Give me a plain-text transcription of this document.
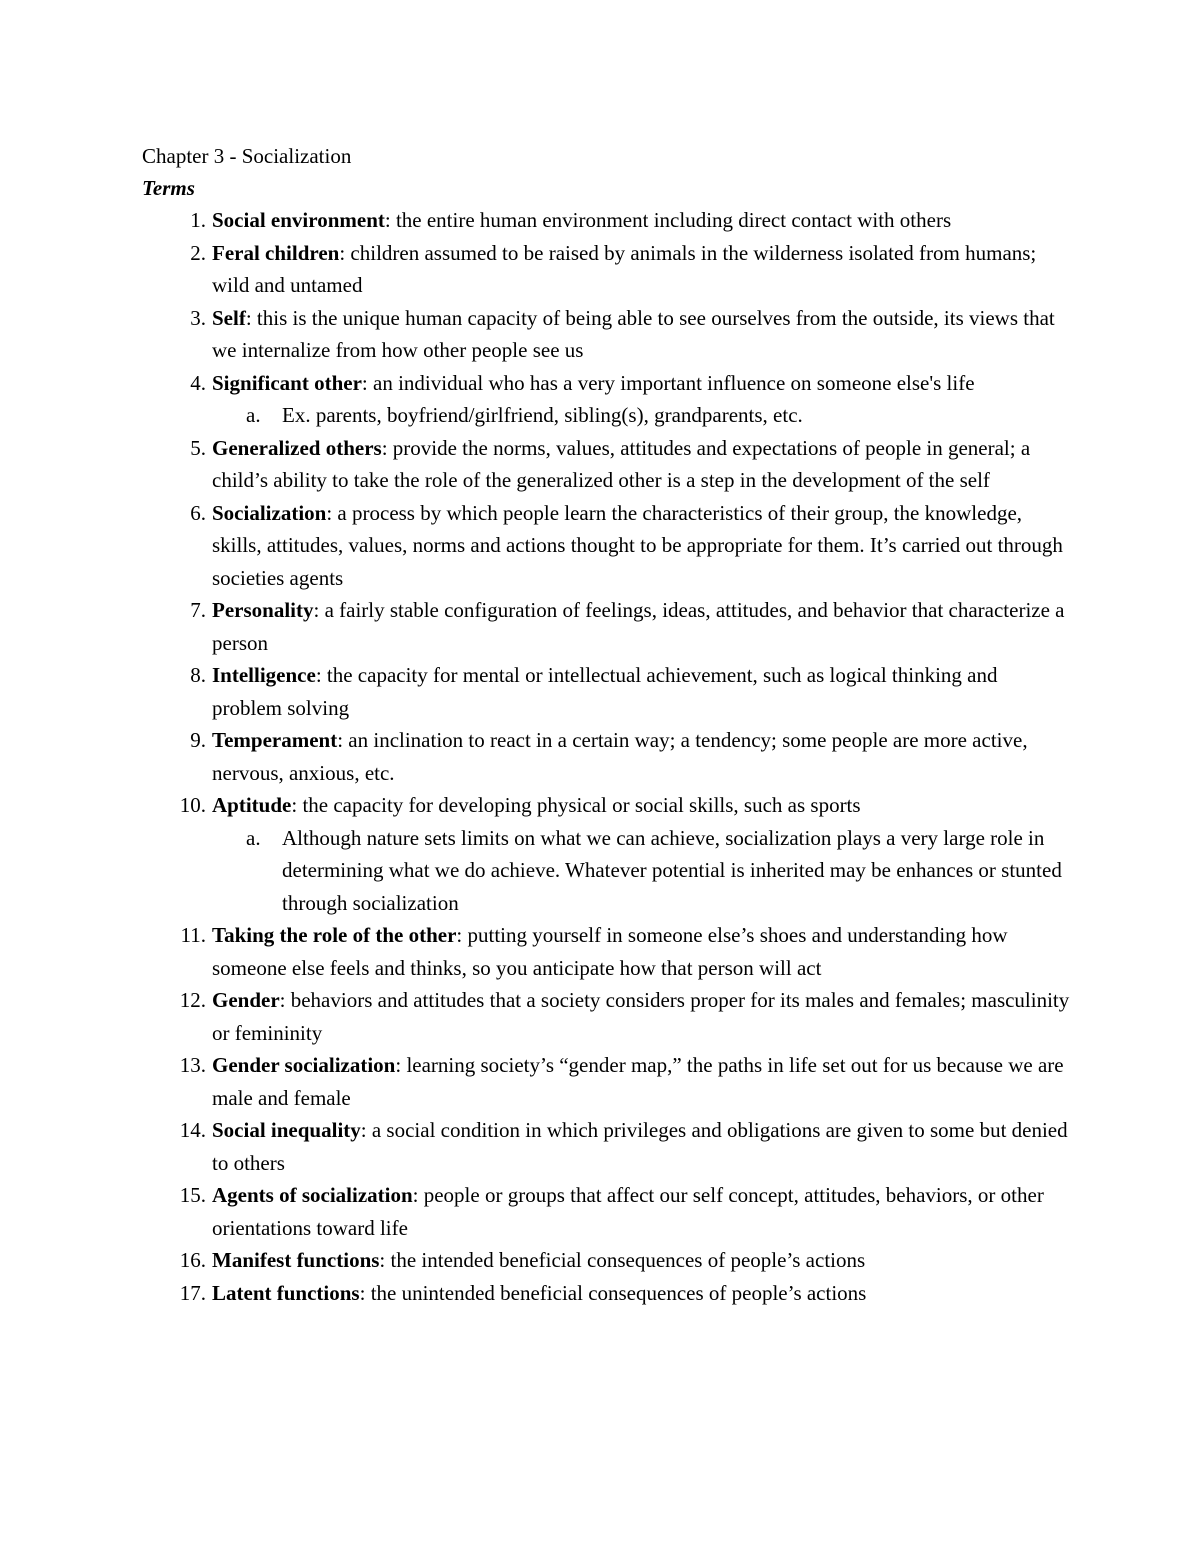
Chapter 3 - Socialization
Terms
1. Social environment: the entire human environment including direct contact with others
2. Feral children: children assumed to be raised by animals in the wilderness isolated from humans; wild and untamed
3. Self: this is the unique human capacity of being able to see ourselves from the outside, its views that we internalize from how other people see us
4. Significant other: an individual who has a very important influence on someone else's life
a. Ex. parents, boyfriend/girlfriend, sibling(s), grandparents, etc.
5. Generalized others: provide the norms, values, attitudes and expectations of people in general; a child’s ability to take the role of the generalized other is a step in the development of the self
6. Socialization: a process by which people learn the characteristics of their group, the knowledge, skills, attitudes, values, norms and actions thought to be appropriate for them. It’s carried out through societies agents
7. Personality: a fairly stable configuration of feelings, ideas, attitudes, and behavior that characterize a person
8. Intelligence: the capacity for mental or intellectual achievement, such as logical thinking and problem solving
9. Temperament: an inclination to react in a certain way; a tendency; some people are more active, nervous, anxious, etc.
10. Aptitude: the capacity for developing physical or social skills, such as sports
a. Although nature sets limits on what we can achieve, socialization plays a very large role in determining what we do achieve. Whatever potential is inherited may be enhances or stunted through socialization
11. Taking the role of the other: putting yourself in someone else’s shoes and understanding how someone else feels and thinks, so you anticipate how that person will act
12. Gender: behaviors and attitudes that a society considers proper for its males and females; masculinity or femininity
13. Gender socialization: learning society’s “gender map,” the paths in life set out for us because we are male and female
14. Social inequality: a social condition in which privileges and obligations are given to some but denied to others
15. Agents of socialization: people or groups that affect our self concept, attitudes, behaviors, or other orientations toward life
16. Manifest functions: the intended beneficial consequences of people’s actions
17. Latent functions: the unintended beneficial consequences of people’s actions
